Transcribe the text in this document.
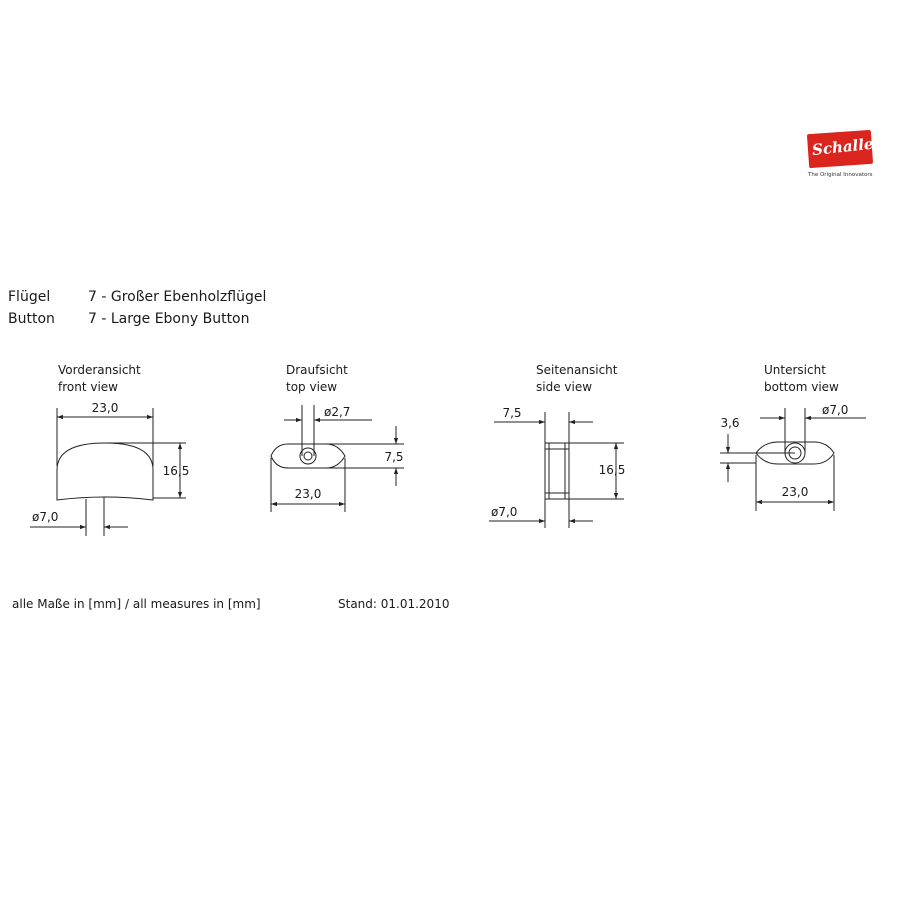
Schaller
The Original Innovators
Flügel	7 - Großer Ebenholzflügel
Button	7 - Large Ebony Button
Vorderansicht
front view
23,0
16,5
ø7,0
Draufsicht
top view
ø2,7
7,5
23,0
Seitenansicht
side view
7,5
16,5
ø7,0
Untersicht
bottom view
ø7,0
3,6
23,0
alle Maße in [mm] / all measures in [mm]	Stand: 01.01.2010
